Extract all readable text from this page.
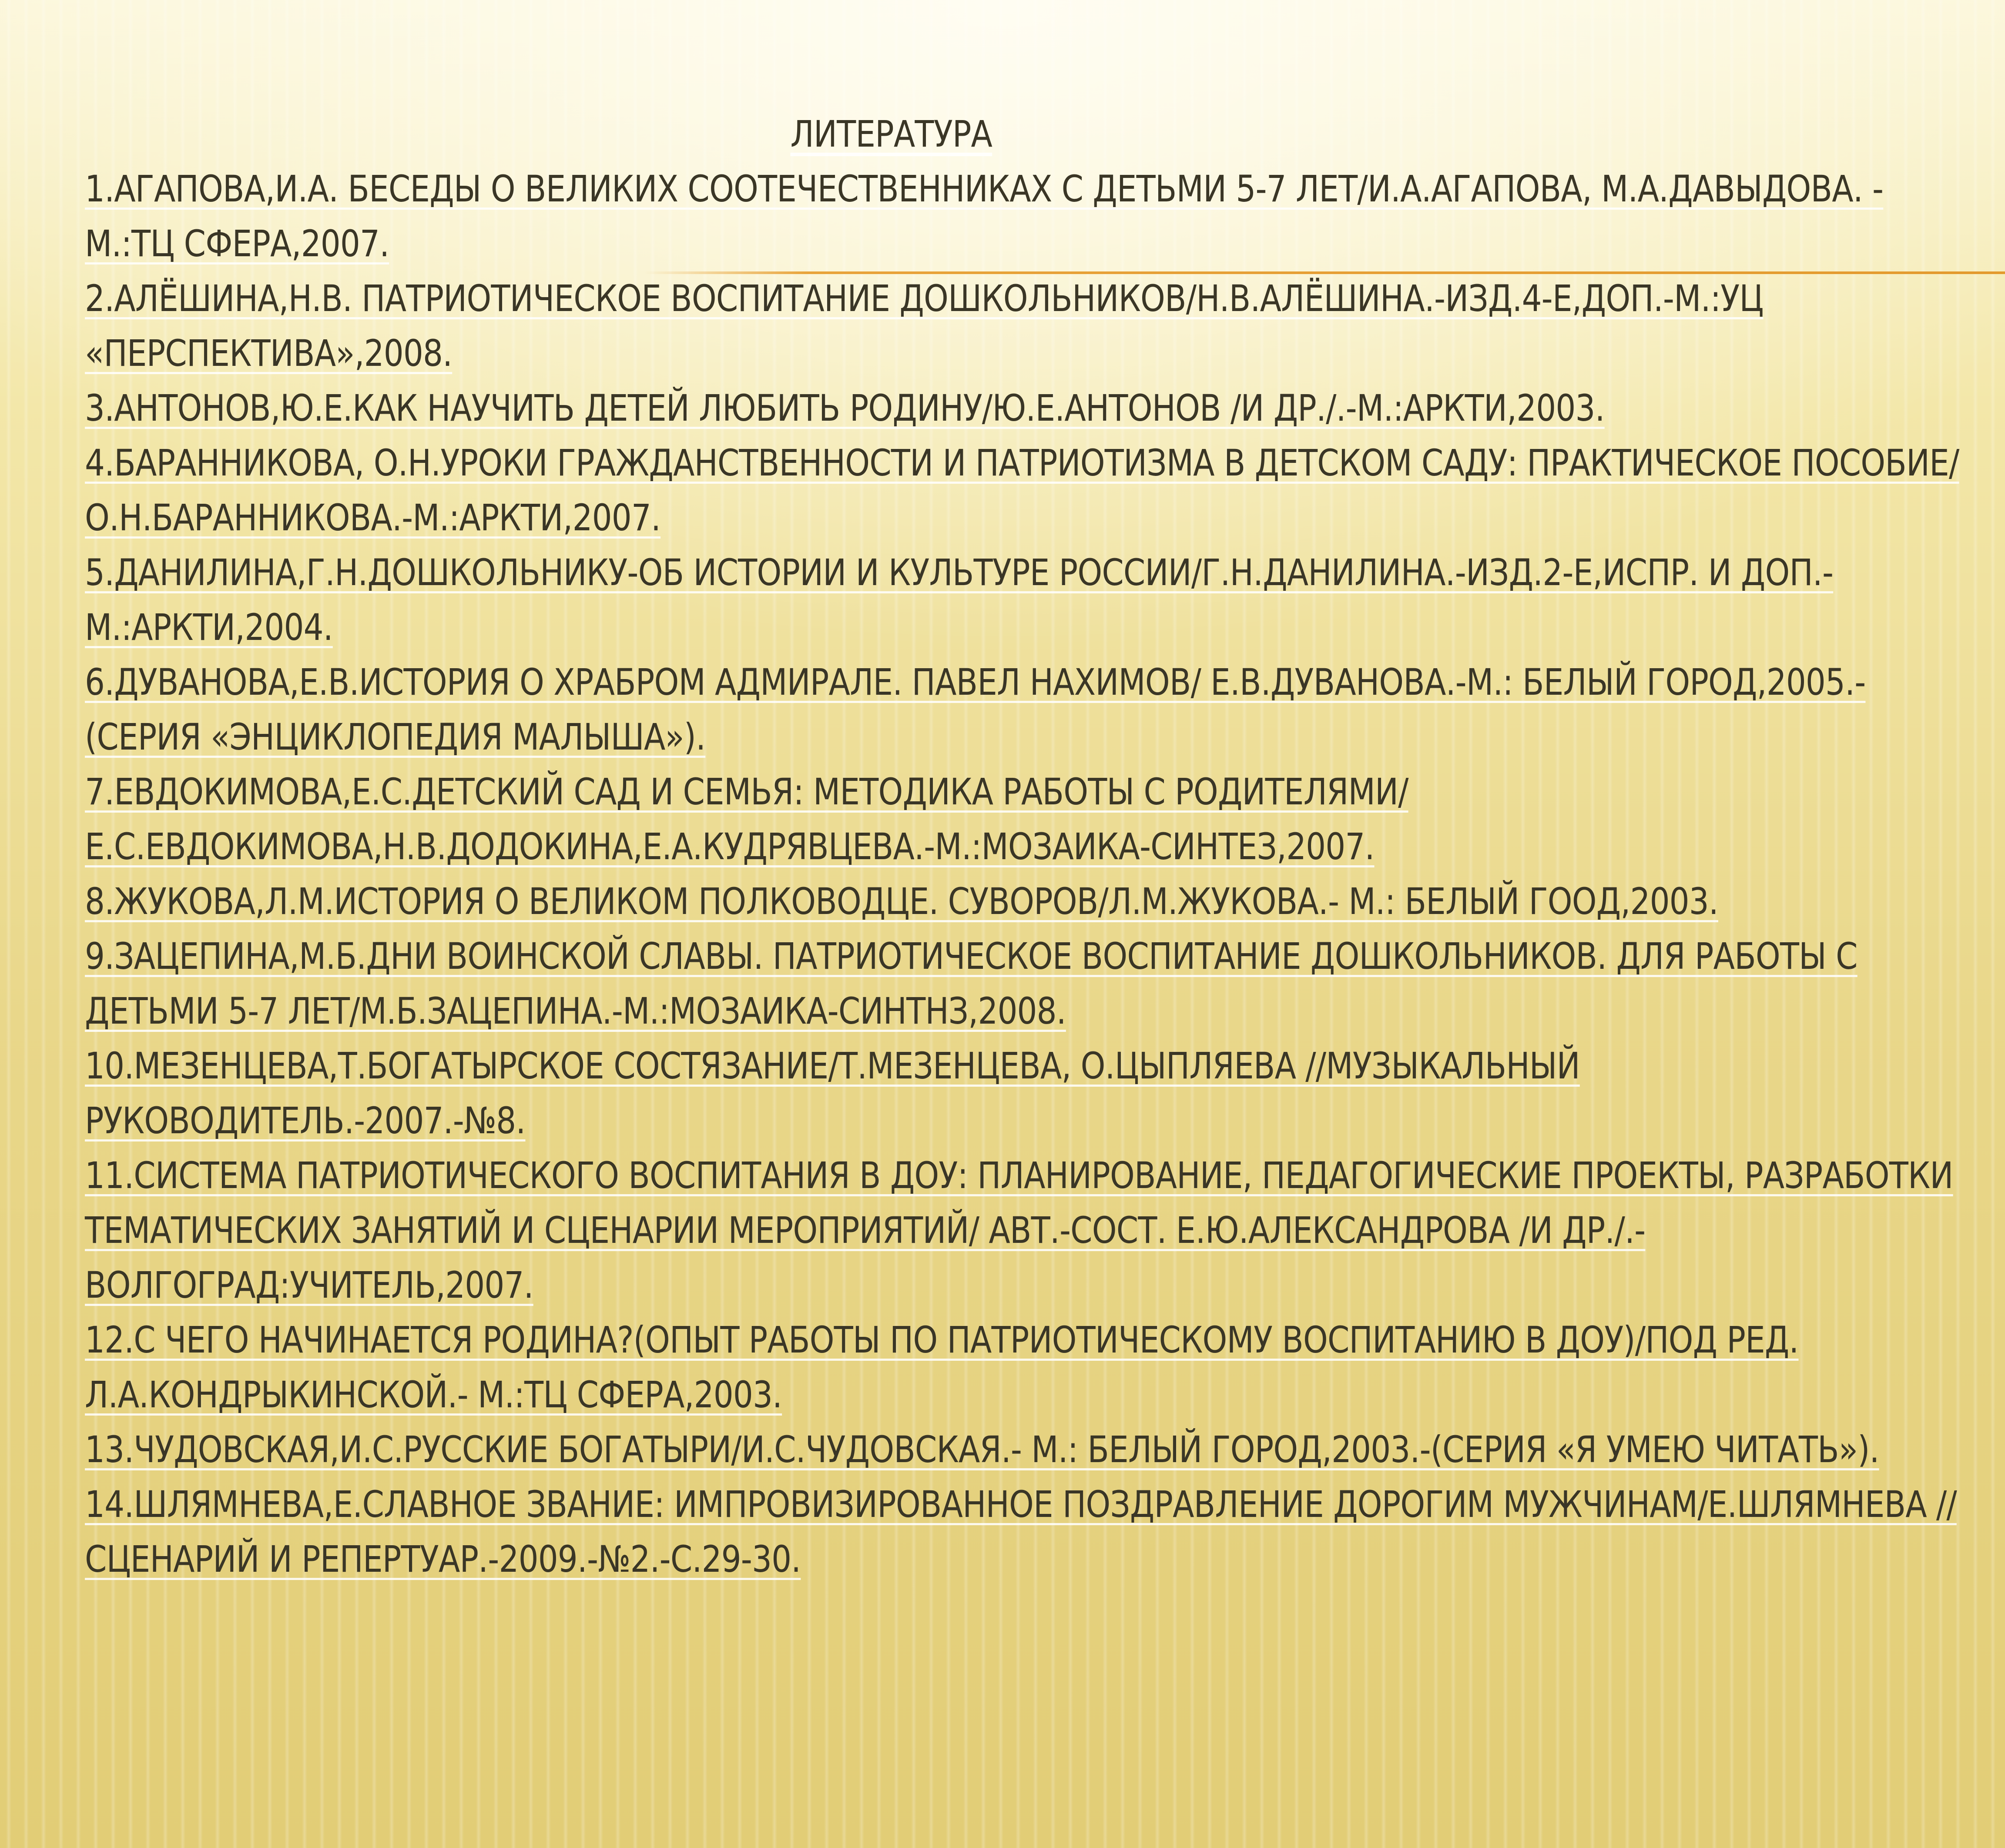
ЛИТЕРАТУРА
1.АГАПОВА,И.А. БЕСЕДЫ О ВЕЛИКИХ СООТЕЧЕСТВЕННИКАХ С ДЕТЬМИ 5-7 ЛЕТ/И.А.АГАПОВА, М.А.ДАВЫДОВА. - М.:ТЦ СФЕРА,2007.
2.АЛЁШИНА,Н.В. ПАТРИОТИЧЕСКОЕ ВОСПИТАНИЕ ДОШКОЛЬНИКОВ/Н.В.АЛЁШИНА.-ИЗД.4-Е,ДОП.-М.:УЦ «ПЕРСПЕКТИВА»,2008.
3.АНТОНОВ,Ю.Е.КАК НАУЧИТЬ ДЕТЕЙ ЛЮБИТЬ РОДИНУ/Ю.Е.АНТОНОВ /И ДР./.-М.:АРКТИ,2003.
4.БАРАННИКОВА, О.Н.УРОКИ ГРАЖДАНСТВЕННОСТИ И ПАТРИОТИЗМА В ДЕТСКОМ САДУ: ПРАКТИЧЕСКОЕ ПОСОБИЕ/О.Н.БАРАННИКОВА.-М.:АРКТИ,2007.
5.ДАНИЛИНА,Г.Н.ДОШКОЛЬНИКУ-ОБ ИСТОРИИ И КУЛЬТУРЕ РОССИИ/Г.Н.ДАНИЛИНА.-ИЗД.2-Е,ИСПР. И ДОП.-М.:АРКТИ,2004.
6.ДУВАНОВА,Е.В.ИСТОРИЯ О ХРАБРОМ АДМИРАЛЕ. ПАВЕЛ НАХИМОВ/ Е.В.ДУВАНОВА.-М.: БЕЛЫЙ ГОРОД,2005.-(СЕРИЯ «ЭНЦИКЛОПЕДИЯ МАЛЫША»).
7.ЕВДОКИМОВА,Е.С.ДЕТСКИЙ САД И СЕМЬЯ: МЕТОДИКА РАБОТЫ С РОДИТЕЛЯМИ/Е.С.ЕВДОКИМОВА,Н.В.ДОДОКИНА,Е.А.КУДРЯВЦЕВА.-М.:МОЗАИКА-СИНТЕЗ,2007.
8.ЖУКОВА,Л.М.ИСТОРИЯ О ВЕЛИКОМ ПОЛКОВОДЦЕ. СУВОРОВ/Л.М.ЖУКОВА.- М.: БЕЛЫЙ ГООД,2003.
9.ЗАЦЕПИНА,М.Б.ДНИ ВОИНСКОЙ СЛАВЫ. ПАТРИОТИЧЕСКОЕ ВОСПИТАНИЕ ДОШКОЛЬНИКОВ. ДЛЯ РАБОТЫ С ДЕТЬМИ 5-7 ЛЕТ/М.Б.ЗАЦЕПИНА.-М.:МОЗАИКА-СИНТНЗ,2008.
10.МЕЗЕНЦЕВА,Т.БОГАТЫРСКОЕ СОСТЯЗАНИЕ/Т.МЕЗЕНЦЕВА, О.ЦЫПЛЯЕВА //МУЗЫКАЛЬНЫЙ РУКОВОДИТЕЛЬ.-2007.-№8.
11.СИСТЕМА ПАТРИОТИЧЕСКОГО ВОСПИТАНИЯ В ДОУ: ПЛАНИРОВАНИЕ, ПЕДАГОГИЧЕСКИЕ ПРОЕКТЫ, РАЗРАБОТКИ ТЕМАТИЧЕСКИХ ЗАНЯТИЙ И СЦЕНАРИИ МЕРОПРИЯТИЙ/ АВТ.-СОСТ. Е.Ю.АЛЕКСАНДРОВА /И ДР./.-ВОЛГОГРАД:УЧИТЕЛЬ,2007.
12.С ЧЕГО НАЧИНАЕТСЯ РОДИНА?(ОПЫТ РАБОТЫ ПО ПАТРИОТИЧЕСКОМУ ВОСПИТАНИЮ В ДОУ)/ПОД РЕД. Л.А.КОНДРЫКИНСКОЙ.- М.:ТЦ СФЕРА,2003.
13.ЧУДОВСКАЯ,И.С.РУССКИЕ БОГАТЫРИ/И.С.ЧУДОВСКАЯ.- М.: БЕЛЫЙ ГОРОД,2003.-(СЕРИЯ «Я УМЕЮ ЧИТАТЬ»).
14.ШЛЯМНЕВА,Е.СЛАВНОЕ ЗВАНИЕ: ИМПРОВИЗИРОВАННОЕ ПОЗДРАВЛЕНИЕ ДОРОГИМ МУЖЧИНАМ/Е.ШЛЯМНЕВА //СЦЕНАРИЙ И РЕПЕРТУАР.-2009.-№2.-С.29-30.
